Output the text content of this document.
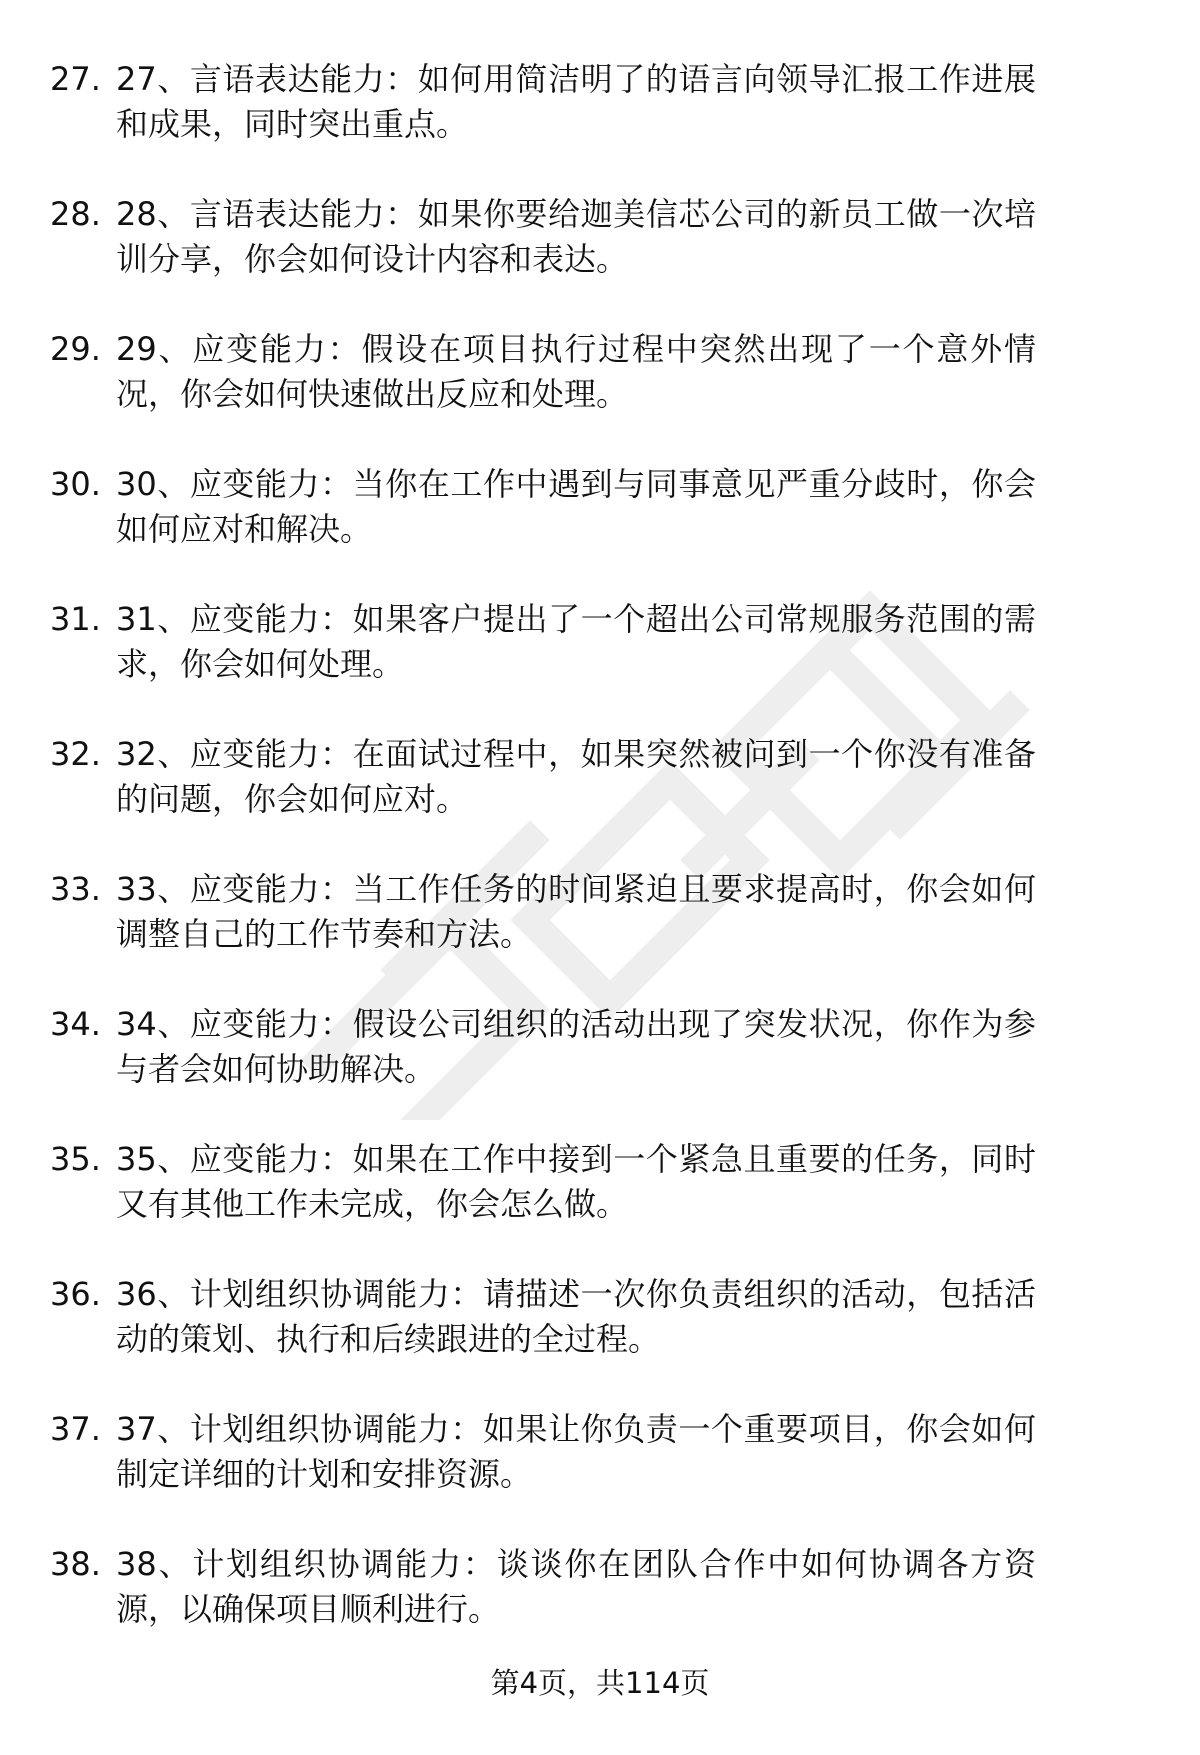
27. 27、言语表达能力：如何用简洁明了的语言向领导汇报工作进展和成果，同时突出重点。
28. 28、言语表达能力：如果你要给迦美信芯公司的新员工做一次培训分享，你会如何设计内容和表达。
29. 29、应变能力：假设在项目执行过程中突然出现了一个意外情况，你会如何快速做出反应和处理。
30. 30、应变能力：当你在工作中遇到与同事意见严重分歧时，你会如何应对和解决。
31. 31、应变能力：如果客户提出了一个超出公司常规服务范围的需求，你会如何处理。
32. 32、应变能力：在面试过程中，如果突然被问到一个你没有准备的问题，你会如何应对。
33. 33、应变能力：当工作任务的时间紧迫且要求提高时，你会如何调整自己的工作节奏和方法。
34. 34、应变能力：假设公司组织的活动出现了突发状况，你作为参与者会如何协助解决。
35. 35、应变能力：如果在工作中接到一个紧急且重要的任务，同时又有其他工作未完成，你会怎么做。
36. 36、计划组织协调能力：请描述一次你负责组织的活动，包括活动的策划、执行和后续跟进的全过程。
37. 37、计划组织协调能力：如果让你负责一个重要项目，你会如何制定详细的计划和安排资源。
38. 38、计划组织协调能力：谈谈你在团队合作中如何协调各方资源，以确保项目顺利进行。
第4页，共114页
